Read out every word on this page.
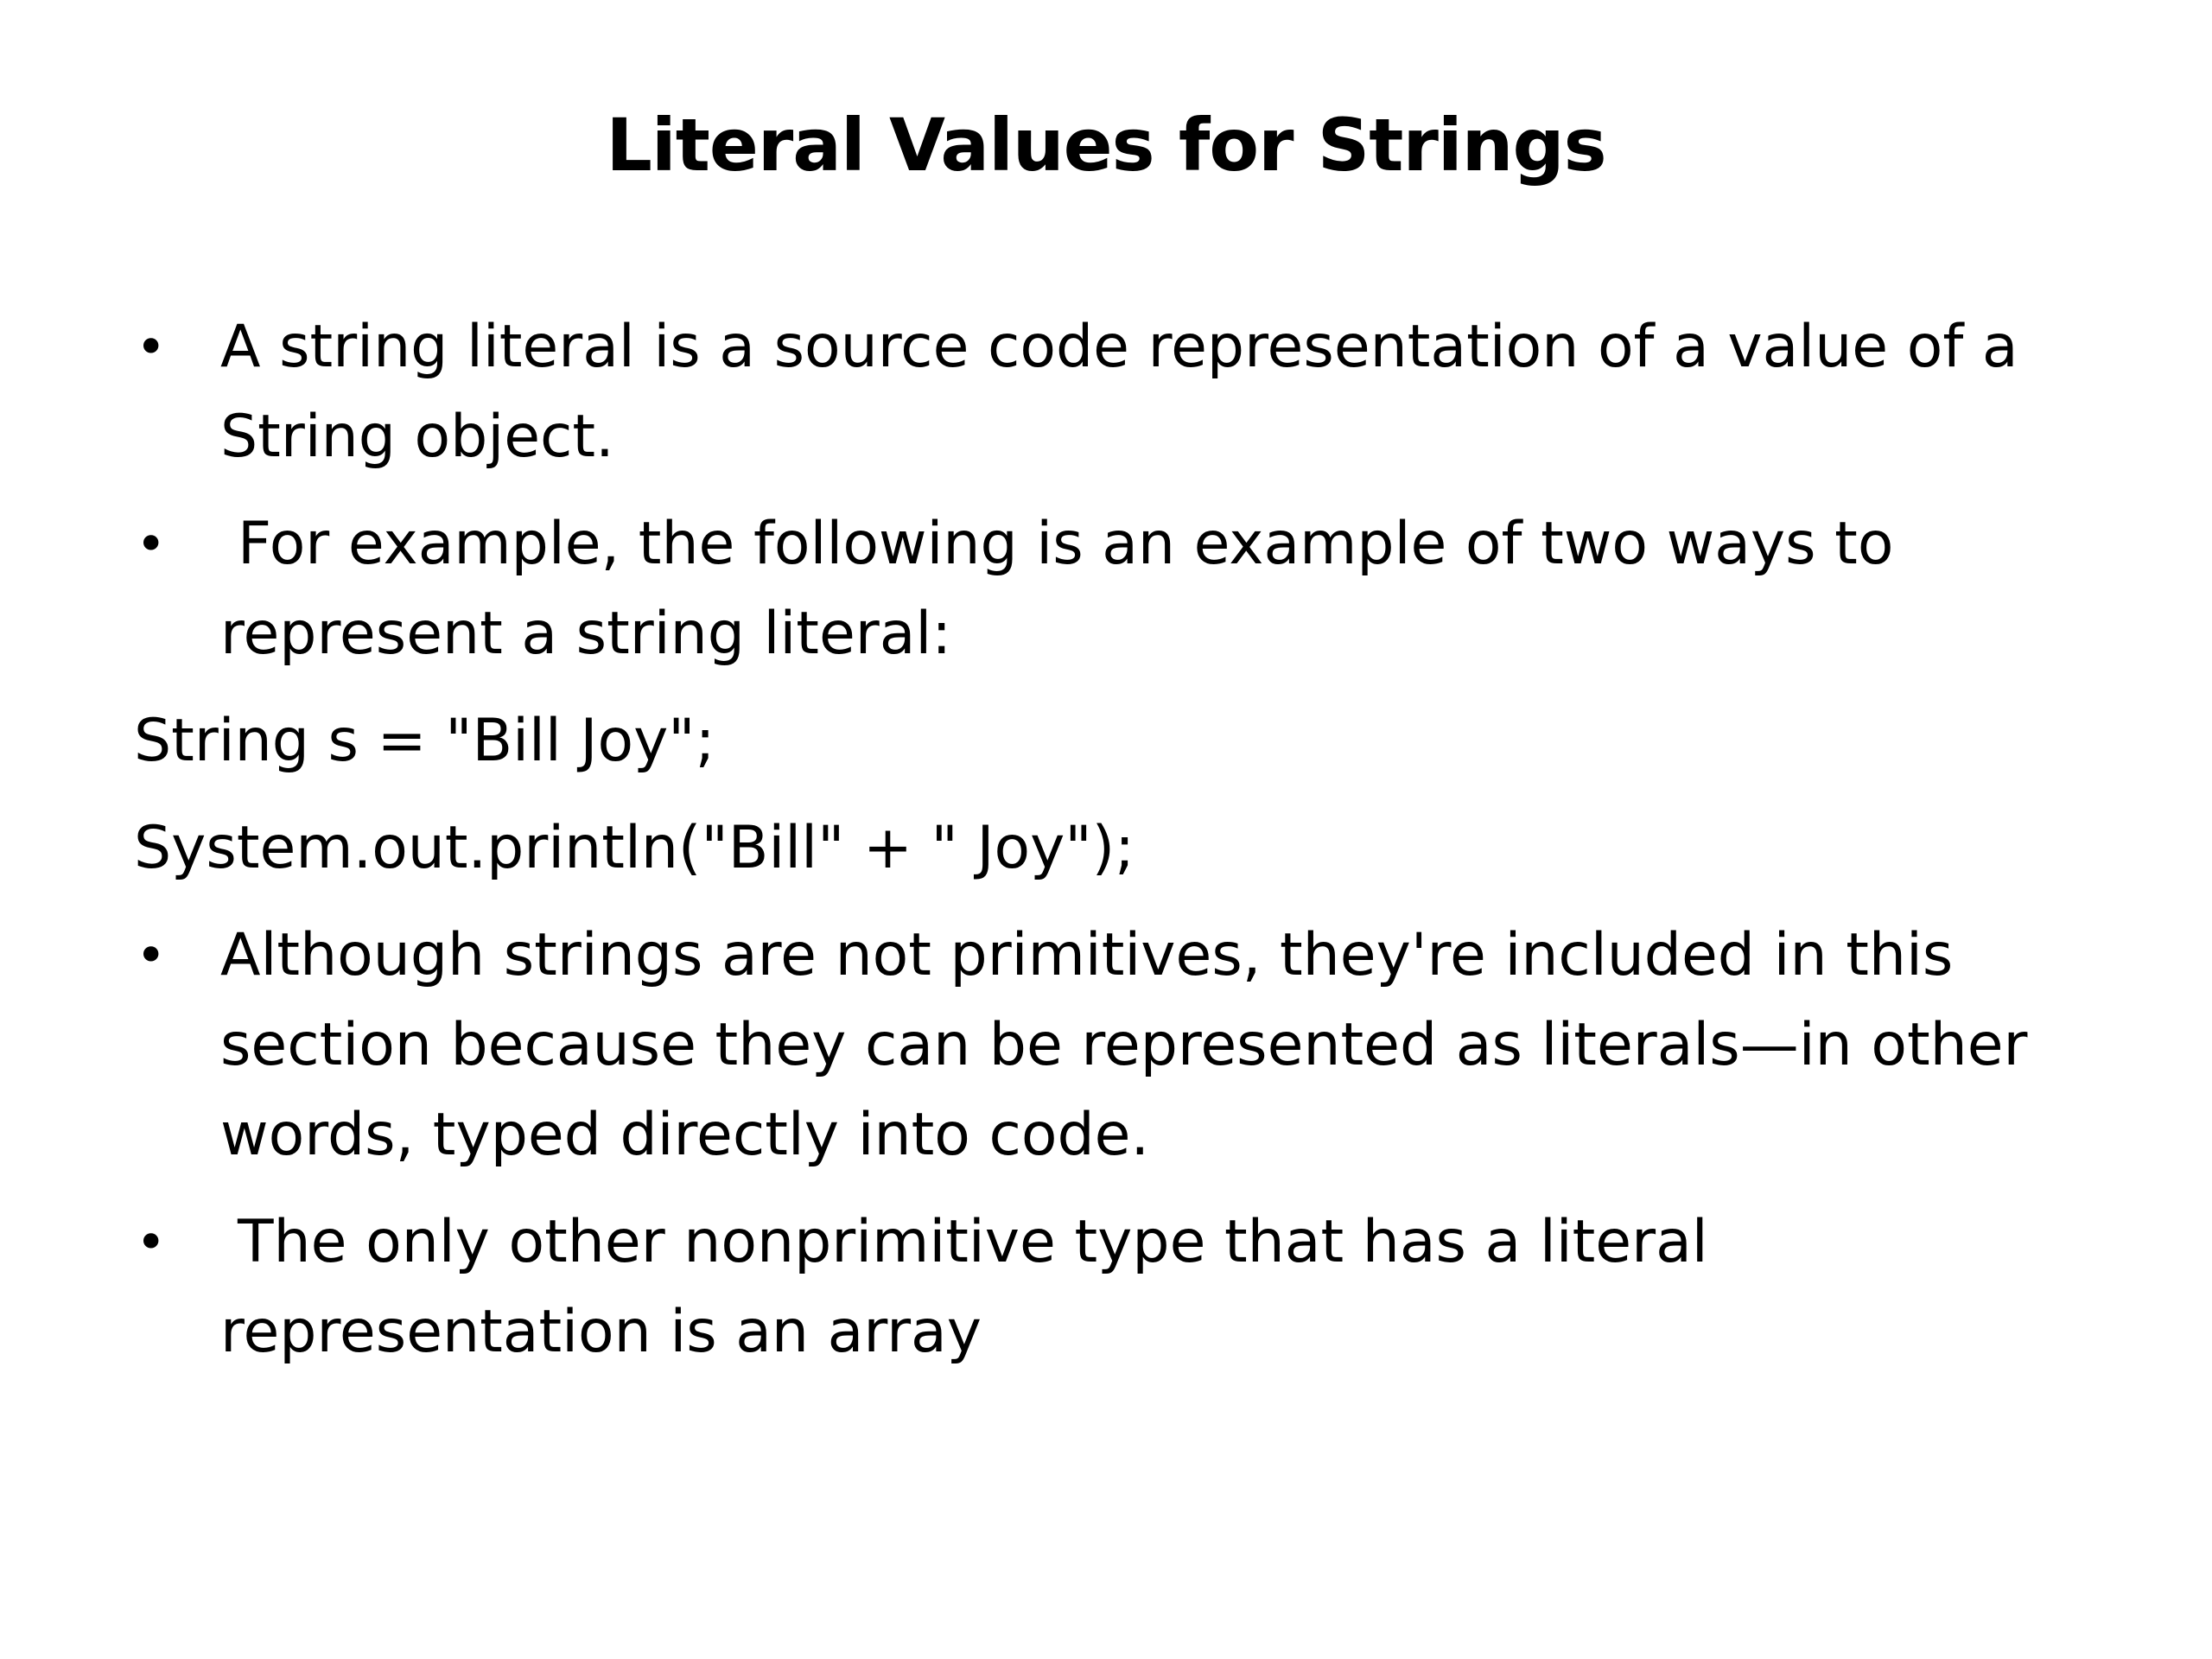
Literal Values for Strings
• A string literal is a source code representation of a value of a String object.
•	For example, the following is an example of two ways to represent a string literal:
String s = "Bill Joy";
System.out.println("Bill" + " Joy");
• Although strings are not primitives, they're included in this section because they can be represented as literals—in other words, typed directly into code.
•	The only other nonprimitive type that has a literal representation is an array
